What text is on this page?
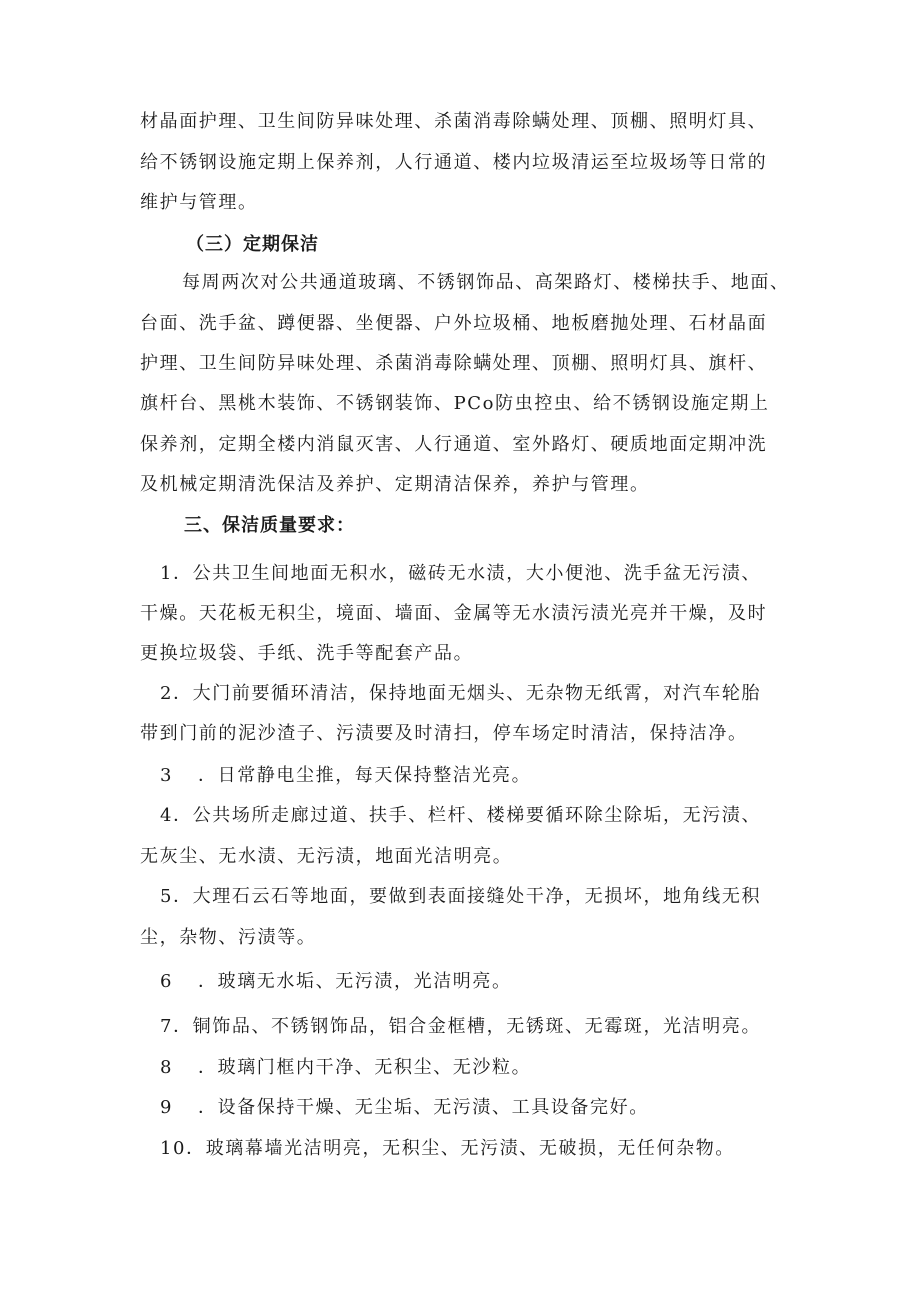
材晶面护理、卫生间防异味处理、杀菌消毒除螨处理、顶棚、照明灯具、
给不锈钢设施定期上保养剂，人行通道、楼内垃圾清运至垃圾场等日常的
维护与管理。
（三）定期保洁
每周两次对公共通道玻璃、不锈钢饰品、高架路灯、楼梯扶手、地面、
台面、洗手盆、蹲便器、坐便器、户外垃圾桶、地板磨抛处理、石材晶面
护理、卫生间防异味处理、杀菌消毒除螨处理、顶棚、照明灯具、旗杆、
旗杆台、黑桃木装饰、不锈钢装饰、PCo防虫控虫、给不锈钢设施定期上
保养剂，定期全楼内消鼠灭害、人行通道、室外路灯、硬质地面定期冲洗
及机械定期清洗保洁及养护、定期清洁保养，养护与管理。
三、保洁质量要求：
1．公共卫生间地面无积水，磁砖无水渍，大小便池、洗手盆无污渍、
干燥。天花板无积尘，境面、墙面、金属等无水渍污渍光亮并干燥，及时
更换垃圾袋、手纸、洗手等配套产品。
2．大门前要循环清洁，保持地面无烟头、无杂物无纸霄，对汽车轮胎
带到门前的泥沙渣子、污渍要及时清扫，停车场定时清洁，保持洁净。
3 ．日常静电尘推，每天保持整洁光亮。
4．公共场所走廊过道、扶手、栏杆、楼梯要循环除尘除垢，无污渍、
无灰尘、无水渍、无污渍，地面光洁明亮。
5．大理石云石等地面，要做到表面接缝处干净，无损坏，地角线无积
尘，杂物、污渍等。
6 ．玻璃无水垢、无污渍，光洁明亮。
7．铜饰品、不锈钢饰品，铝合金框槽，无锈斑、无霉斑，光洁明亮。
8 ．玻璃门框内干净、无积尘、无沙粒。
9 ．设备保持干燥、无尘垢、无污渍、工具设备完好。
10．玻璃幕墙光洁明亮，无积尘、无污渍、无破损，无任何杂物。
